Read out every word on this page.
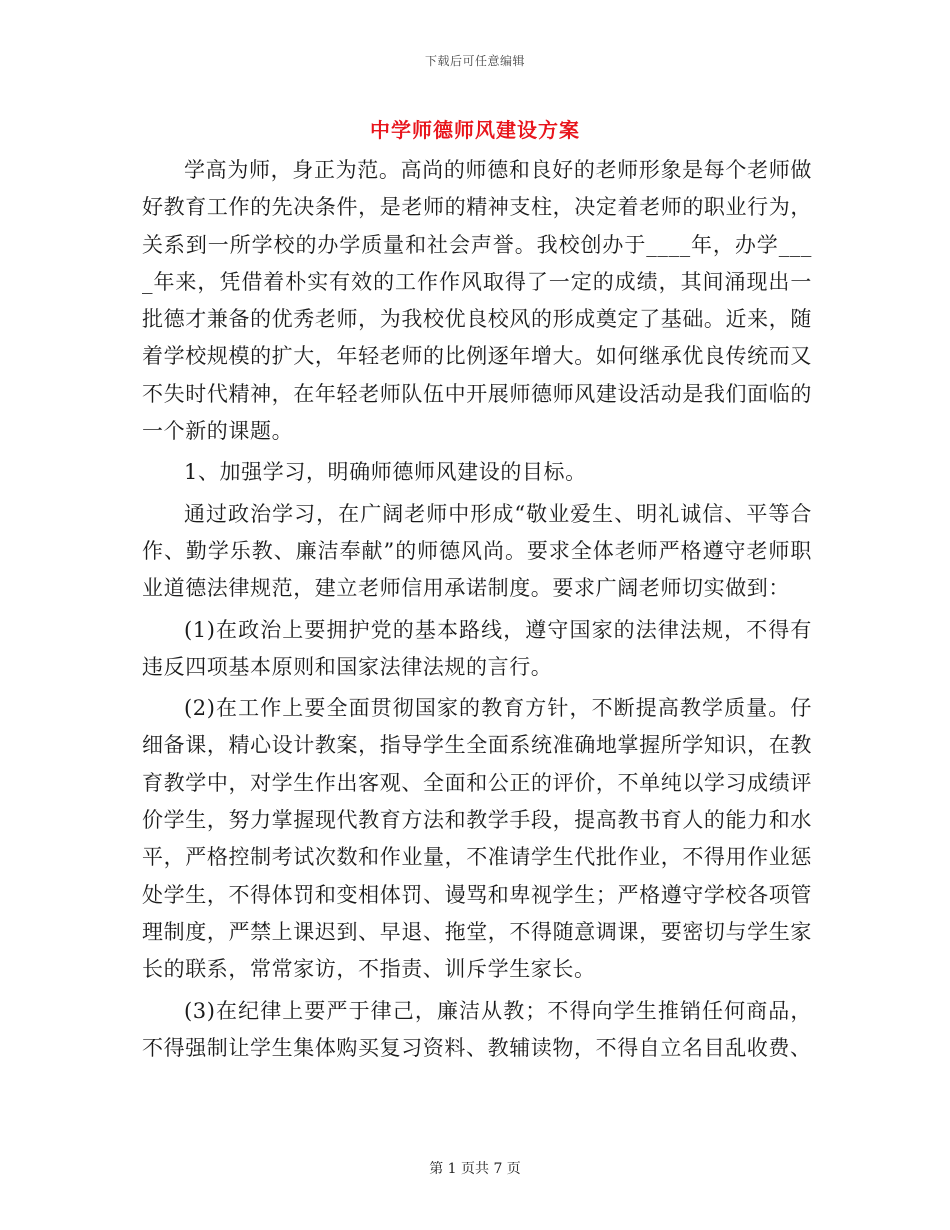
下载后可任意编辑
中学师德师风建设方案

学高为师，身正为范。高尚的师德和良好的老师形象是每个老师做好教育工作的先决条件，是老师的精神支柱，决定着老师的职业行为，关系到一所学校的办学质量和社会声誉。我校创办于____年，办学____年来，凭借着朴实有效的工作作风取得了一定的成绩，其间涌现出一批德才兼备的优秀老师，为我校优良校风的形成奠定了基础。近来，随着学校规模的扩大，年轻老师的比例逐年增大。如何继承优良传统而又不失时代精神，在年轻老师队伍中开展师德师风建设活动是我们面临的一个新的课题。

1、加强学习，明确师德师风建设的目标。

通过政治学习，在广阔老师中形成“敬业爱生、明礼诚信、平等合作、勤学乐教、廉洁奉献”的师德风尚。要求全体老师严格遵守老师职业道德法律规范，建立老师信用承诺制度。要求广阔老师切实做到：

(1)在政治上要拥护党的基本路线，遵守国家的法律法规，不得有违反四项基本原则和国家法律法规的言行。

(2)在工作上要全面贯彻国家的教育方针，不断提高教学质量。仔细备课，精心设计教案，指导学生全面系统准确地掌握所学知识，在教育教学中，对学生作出客观、全面和公正的评价，不单纯以学习成绩评价学生，努力掌握现代教育方法和教学手段，提高教书育人的能力和水平，严格控制考试次数和作业量，不准请学生代批作业，不得用作业惩处学生，不得体罚和变相体罚、谩骂和卑视学生；严格遵守学校各项管理制度，严禁上课迟到、早退、拖堂，不得随意调课，要密切与学生家长的联系，常常家访，不指责、训斥学生家长。

(3)在纪律上要严于律己，廉洁从教；不得向学生推销任何商品，不得强制让学生集体购买复习资料、教辅读物，不得自立名目乱收费、

第 1 页共 7 页
